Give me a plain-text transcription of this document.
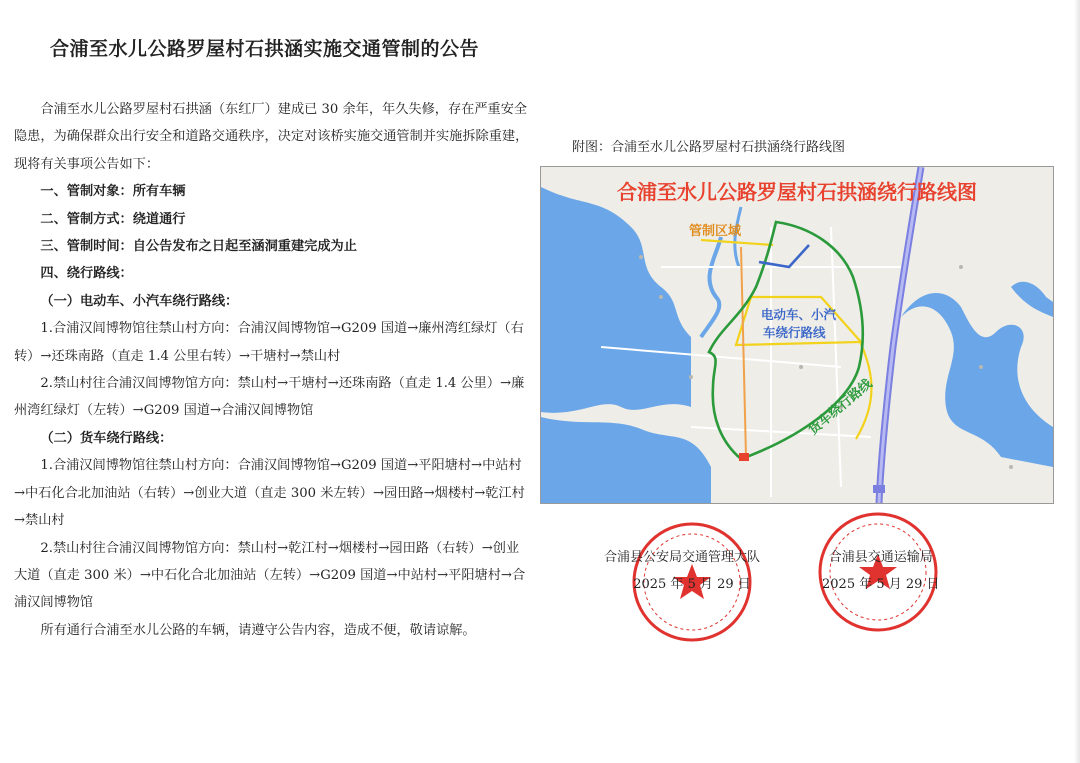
合浦至水儿公路罗屋村石拱涵实施交通管制的公告

合浦至水儿公路罗屋村石拱涵（东红厂）建成已 30 余年，年久失修，存在严重安全隐患，为确保群众出行安全和道路交通秩序，决定对该桥实施交通管制并实施拆除重建，现将有关事项公告如下：

一、管制对象：所有车辆

二、管制方式：绕道通行

三、管制时间：自公告发布之日起至涵洞重建完成为止

四、绕行路线：

（一）电动车、小汽车绕行路线：

1.合浦汉闾博物馆往禁山村方向：合浦汉闾博物馆→G209 国道→廉州湾红绿灯（右转）→还珠南路（直走 1.4 公里右转）→干塘村→禁山村

2.禁山村往合浦汉闾博物馆方向：禁山村→干塘村→还珠南路（直走 1.4 公里）→廉州湾红绿灯（左转）→G209 国道→合浦汉闾博物馆

（二）货车绕行路线：

1.合浦汉闾博物馆往禁山村方向：合浦汉闾博物馆→G209 国道→平阳塘村→中站村→中石化合北加油站（右转）→创业大道（直走 300 米左转）→园田路→烟楼村→乾江村→禁山村

2.禁山村往合浦汉闾博物馆方向：禁山村→乾江村→烟楼村→园田路（右转）→创业大道（直走 300 米）→中石化合北加油站（左转）→G209 国道→中站村→平阳塘村→合浦汉闾博物馆

所有通行合浦至水儿公路的车辆，请遵守公告内容，造成不便，敬请谅解。

附图：合浦至水儿公路罗屋村石拱涵绕行路线图
合浦至水儿公路罗屋村石拱涵绕行路线图
管制区域
电动车、小汽
车绕行路线
货车绕行路线
合浦县公安局交通管理大队
2025 年 5 月 29 日
合浦县交通运输局
2025 年 5 月 29 日
